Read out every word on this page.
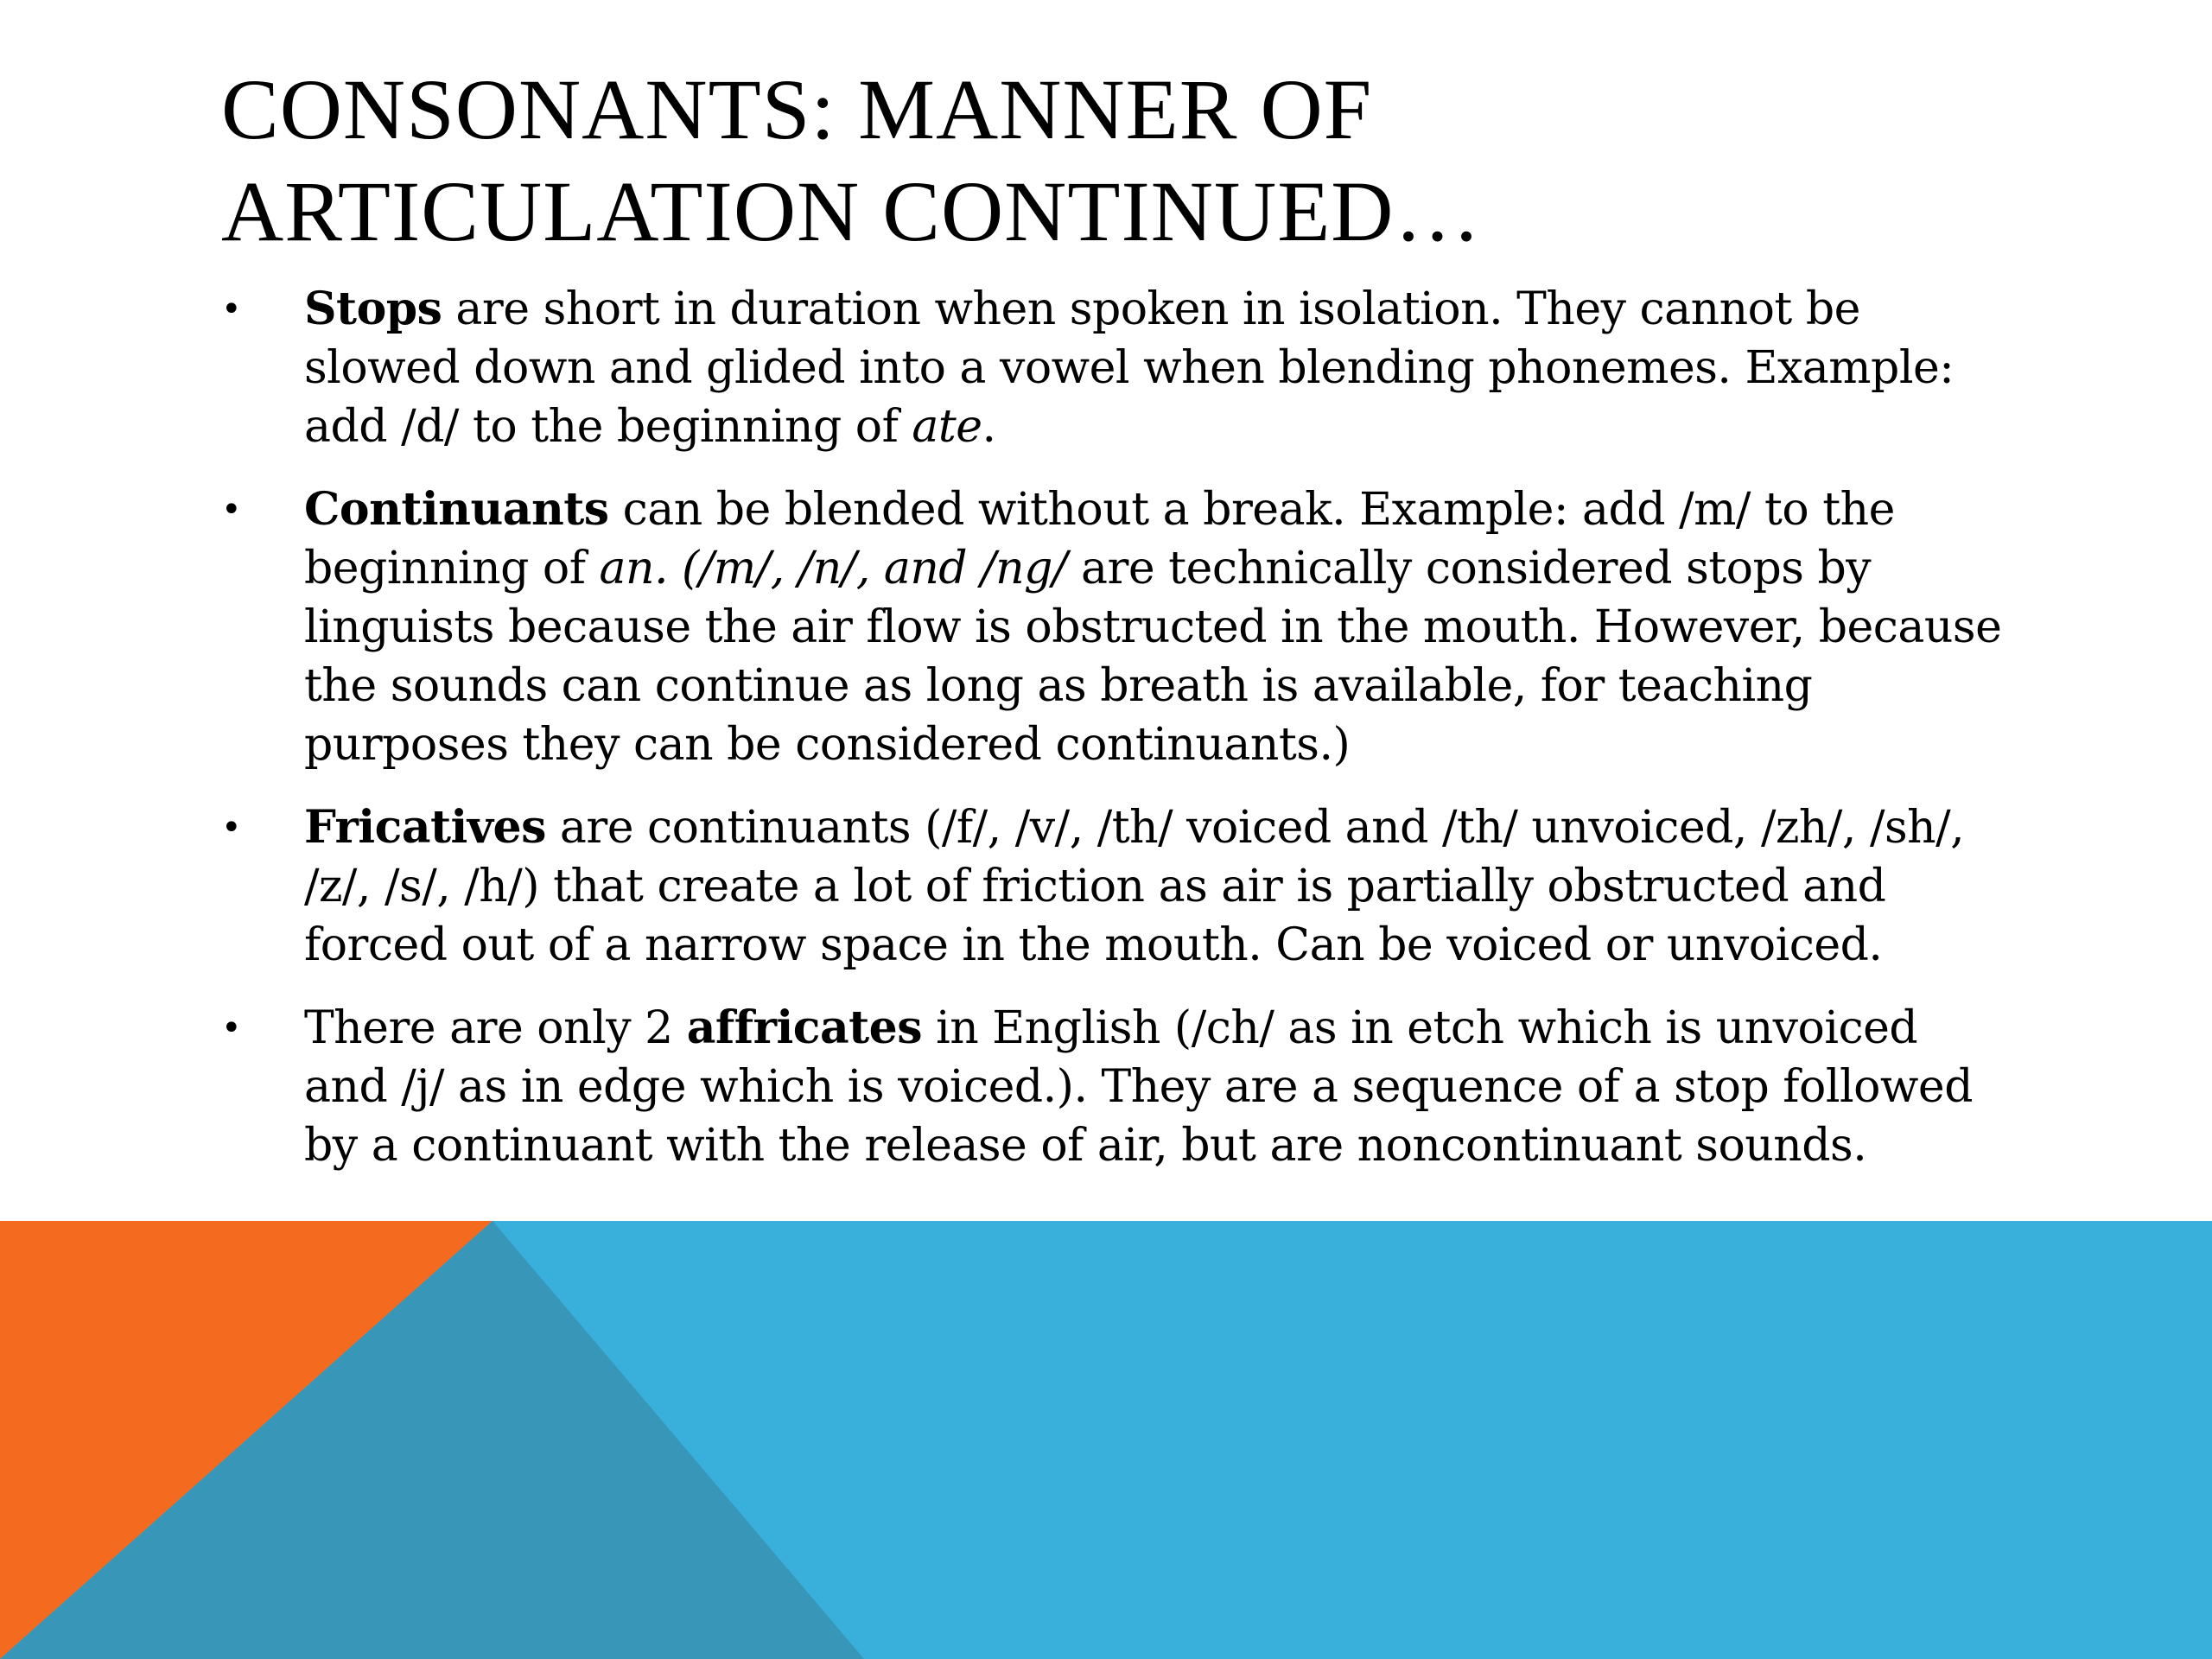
CONSONANTS: MANNER OF
ARTICULATION CONTINUED…
•	Stops are short in duration when spoken in isolation. They cannot be slowed down and glided into a vowel when blending phonemes. Example: add /d/ to the beginning of ate.
•	Continuants can be blended without a break. Example: add /m/ to the beginning of an. (/m/, /n/, and /ng/ are technically considered stops by linguists because the air flow is obstructed in the mouth. However, because the sounds can continue as long as breath is available, for teaching purposes they can be considered continuants.)
•	Fricatives are continuants (/f/, /v/, /th/ voiced and /th/ unvoiced, /zh/, /sh/, /z/, /s/, /h/) that create a lot of friction as air is partially obstructed and forced out of a narrow space in the mouth. Can be voiced or unvoiced.
•	There are only 2 affricates in English (/ch/ as in etch which is unvoiced and /j/ as in edge which is voiced.). They are a sequence of a stop followed by a continuant with the release of air, but are noncontinuant sounds.
